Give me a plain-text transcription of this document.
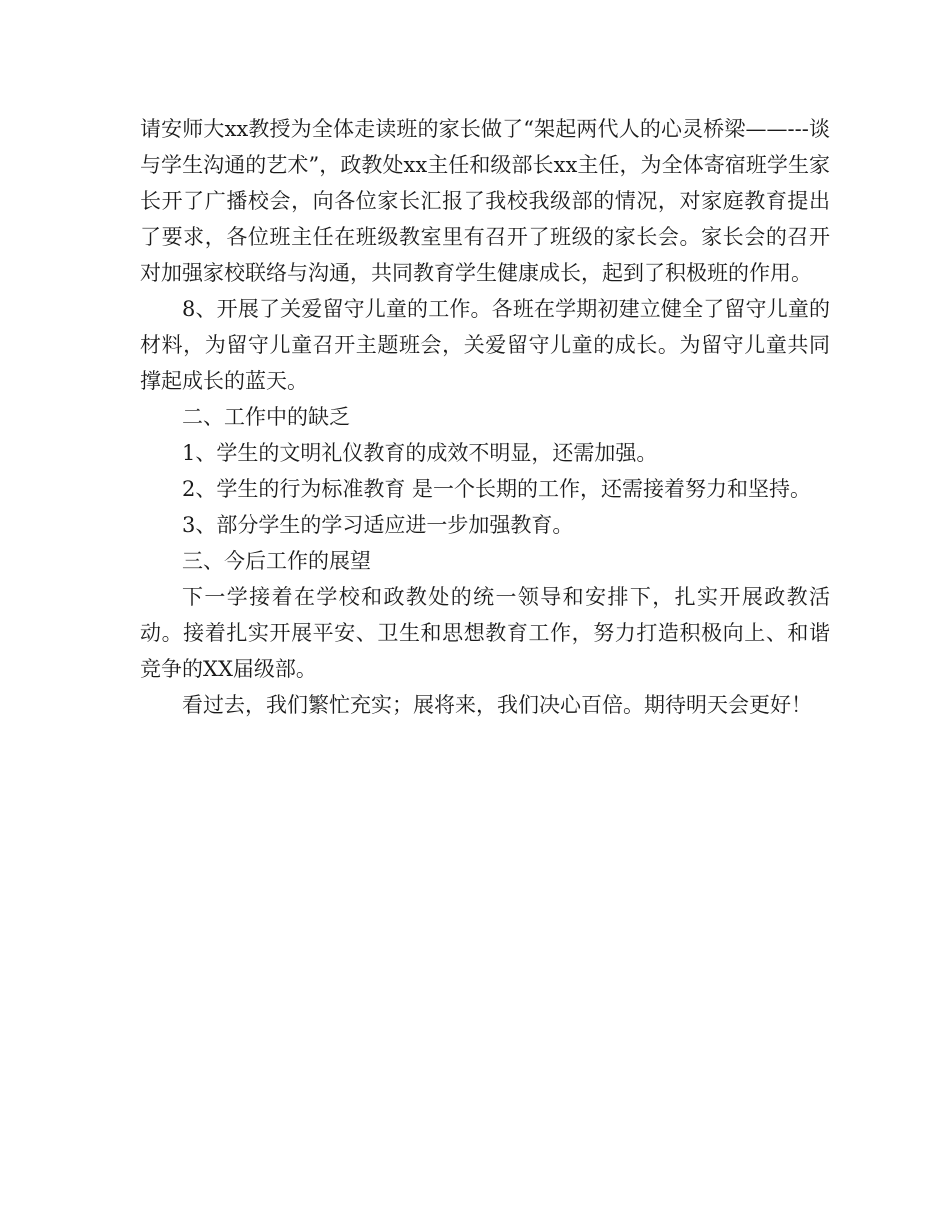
请安师大xx教授为全体走读班的家长做了“架起两代人的心灵桥梁——---谈与学生沟通的艺术”，政教处xx主任和级部长xx主任，为全体寄宿班学生家长开了广播校会，向各位家长汇报了我校我级部的情况，对家庭教育提出了要求，各位班主任在班级教室里有召开了班级的家长会。家长会的召开对加强家校联络与沟通，共同教育学生健康成长，起到了积极班的作用。

8、开展了关爱留守儿童的工作。各班在学期初建立健全了留守儿童的材料，为留守儿童召开主题班会，关爱留守儿童的成长。为留守儿童共同撑起成长的蓝天。

二、工作中的缺乏

1、学生的文明礼仪教育的成效不明显，还需加强。

2、学生的行为标准教育 是一个长期的工作，还需接着努力和坚持。

3、部分学生的学习适应进一步加强教育。

三、今后工作的展望

下一学接着在学校和政教处的统一领导和安排下，扎实开展政教活动。接着扎实开展平安、卫生和思想教育工作，努力打造积极向上、和谐竞争的XX届级部。

看过去，我们繁忙充实；展将来，我们决心百倍。期待明天会更好！
